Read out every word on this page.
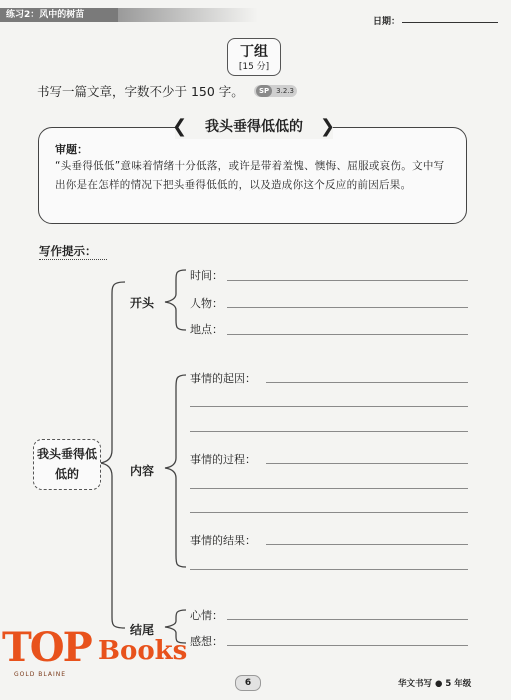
练习2：风中的树苗
日期：
丁组
[15 分]
书写一篇文章，字数不少于 150 字。	SP 3.2.3
❮	我头垂得低低的 ❯
审题：
“头垂得低低”意味着情绪十分低落，或许是带着羞愧、懊悔、屈服或哀伤。文中写出你是在怎样的情况下把头垂得低低的，以及造成你这个反应的前因后果。
写作提示：
我头垂得低低的
开头
时间：
人物：
地点：
内容
事情的起因：
事情的过程：
事情的结果：
结尾
心情：
感想：
6	华文书写 ● 5 年级
TOP Books
GOLD BLAINE
